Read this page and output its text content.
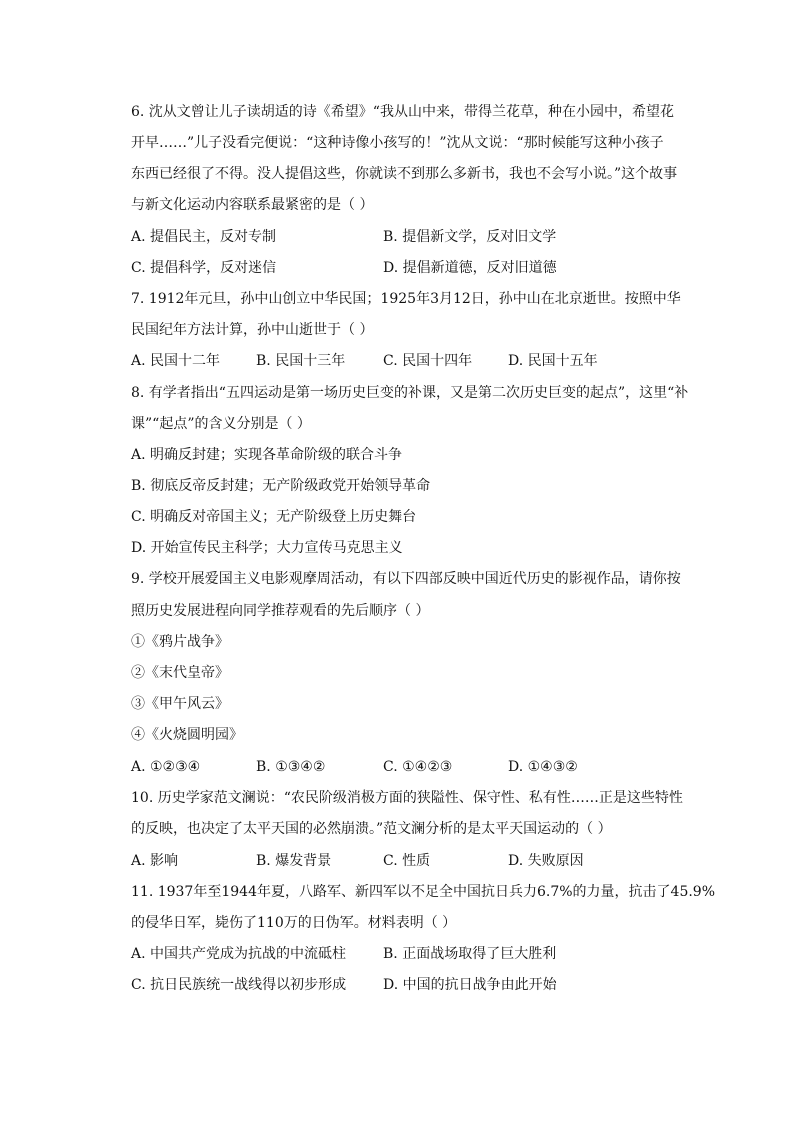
6. 沈从文曾让儿子读胡适的诗《希望》“我从山中来，带得兰花草，种在小园中，希望花
开早……”儿子没看完便说：“这种诗像小孩写的！”沈从文说：“那时候能写这种小孩子
东西已经很了不得。没人提倡这些，你就读不到那么多新书，我也不会写小说。”这个故事
与新文化运动内容联系最紧密的是（ ）
A. 提倡民主，反对专制	B. 提倡新文学，反对旧文学
C. 提倡科学，反对迷信	D. 提倡新道德，反对旧道德
7. 1912年元旦，孙中山创立中华民国；1925年3月12日，孙中山在北京逝世。按照中华
民国纪年方法计算，孙中山逝世于（ ）
A. 民国十二年	B. 民国十三年	C. 民国十四年	D. 民国十五年
8. 有学者指出“五四运动是第一场历史巨变的补课，又是第二次历史巨变的起点”，这里“补
课”“起点”的含义分别是（ ）
A. 明确反封建；实现各革命阶级的联合斗争
B. 彻底反帝反封建；无产阶级政党开始领导革命
C. 明确反对帝国主义；无产阶级登上历史舞台
D. 开始宣传民主科学；大力宣传马克思主义
9. 学校开展爱国主义电影观摩周活动，有以下四部反映中国近代历史的影视作品，请你按
照历史发展进程向同学推荐观看的先后顺序（ ）
①《鸦片战争》
②《末代皇帝》
③《甲午风云》
④《火烧圆明园》
A. ①②③④	B. ①③④②	C. ①④②③	D. ①④③②
10. 历史学家范文澜说：“农民阶级消极方面的狭隘性、保守性、私有性……正是这些特性
的反映，也决定了太平天国的必然崩溃。”范文澜分析的是太平天国运动的（ ）
A. 影响	B. 爆发背景	C. 性质	D. 失败原因
11. 1937年至1944年夏，八路军、新四军以不足全中国抗日兵力6.7%的力量，抗击了45.9%
的侵华日军，毙伤了110万的日伪军。材料表明（ ）
A. 中国共产党成为抗战的中流砥柱	B. 正面战场取得了巨大胜利
C. 抗日民族统一战线得以初步形成	D. 中国的抗日战争由此开始
